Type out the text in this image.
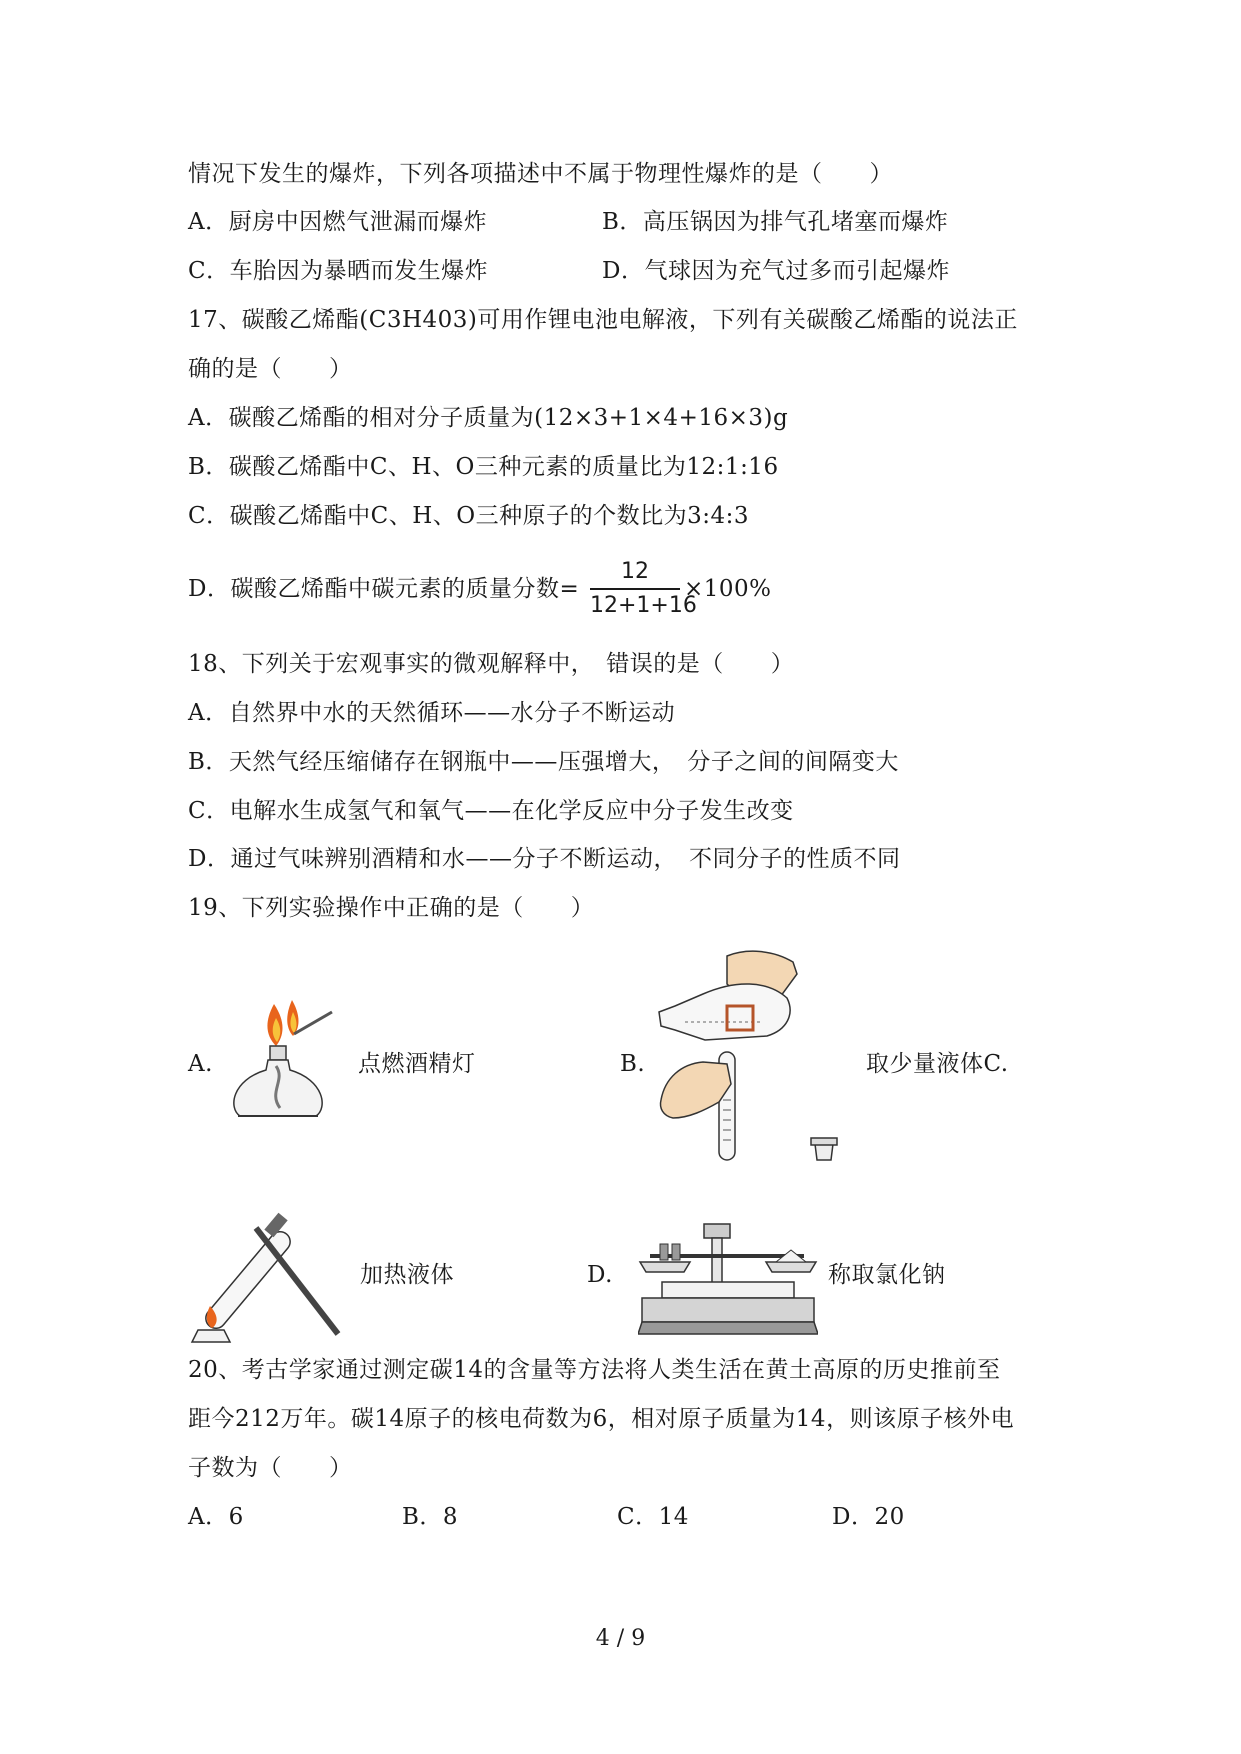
情况下发生的爆炸，下列各项描述中不属于物理性爆炸的是（　　）
A．厨房中因燃气泄漏而爆炸	B．高压锅因为排气孔堵塞而爆炸
C．车胎因为暴晒而发生爆炸	D．气球因为充气过多而引起爆炸
17、碳酸乙烯酯(C3H403)可用作锂电池电解液，下列有关碳酸乙烯酯的说法正
确的是（　　）
A．碳酸乙烯酯的相对分子质量为(12×3+1×4+16×3)g
B．碳酸乙烯酯中C、H、O三种元素的质量比为12:1:16
C．碳酸乙烯酯中C、H、O三种原子的个数比为3:4:3
D．碳酸乙烯酯中碳元素的质量分数=
12
12+1+16
×100%
18、下列关于宏观事实的微观解释中，　错误的是（　　）
A．自然界中水的天然循环——水分子不断运动
B．天然气经压缩储存在钢瓶中——压强增大，　分子之间的间隔变大
C．电解水生成氢气和氧气——在化学反应中分子发生改变
D．通过气味辨别酒精和水——分子不断运动，　不同分子的性质不同
19、下列实验操作中正确的是（　　）
A.	点燃酒精灯	B.	取少量液体C.
加热液体	D.	称取氯化钠
20、考古学家通过测定碳14的含量等方法将人类生活在黄土高原的历史推前至
距今212万年。碳14原子的核电荷数为6，相对原子质量为14，则该原子核外电
子数为（　　）
A．6	B．8	C．14	D．20
4 / 9
